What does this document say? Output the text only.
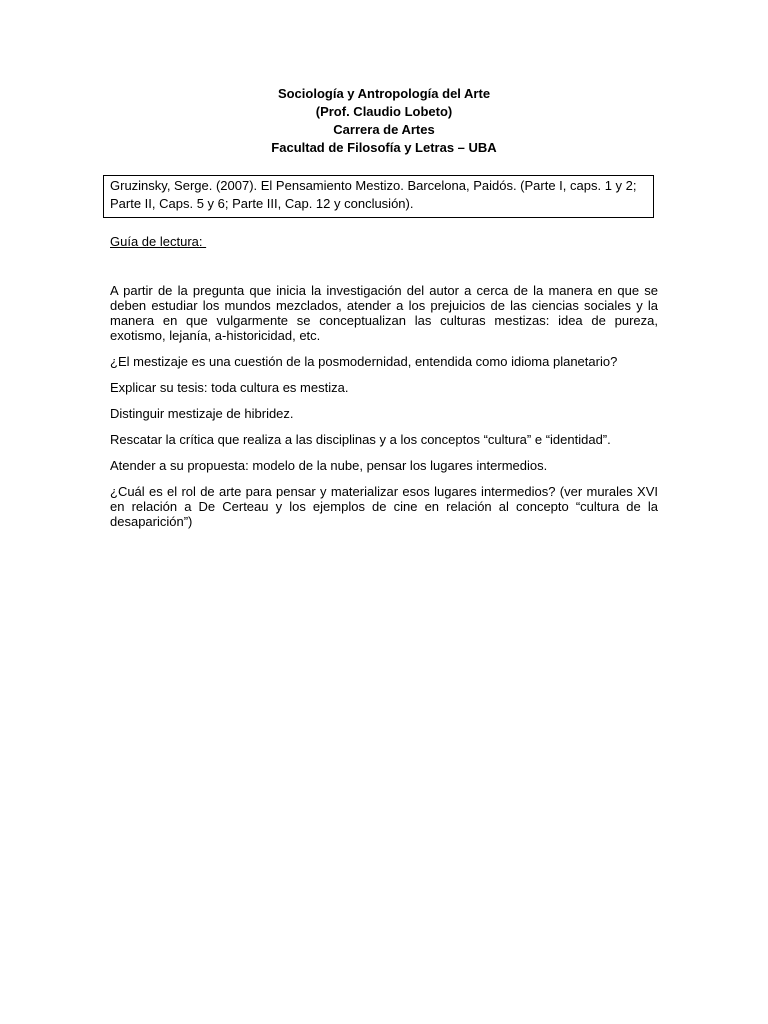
Sociología y Antropología del Arte
(Prof. Claudio Lobeto)
Carrera de Artes
Facultad de Filosofía y Letras – UBA
Gruzinsky, Serge. (2007). El Pensamiento Mestizo. Barcelona, Paidós. (Parte I, caps. 1 y 2; Parte II, Caps. 5 y 6; Parte III, Cap. 12 y conclusión).
Guía de lectura:

A partir de la pregunta que inicia la investigación del autor a cerca de la manera en que se deben estudiar los mundos mezclados, atender a los prejuicios de las ciencias sociales y la manera en que vulgarmente se conceptualizan las culturas mestizas: idea de pureza, exotismo, lejanía, a-historicidad, etc.

¿El mestizaje es una cuestión de la posmodernidad, entendida como idioma planetario?

Explicar su tesis: toda cultura es mestiza.

Distinguir mestizaje de hibridez.

Rescatar la crítica que realiza a las disciplinas y a los conceptos “cultura” e “identidad”.

Atender a su propuesta: modelo de la nube, pensar los lugares intermedios.

¿Cuál es el rol de arte para pensar y materializar esos lugares intermedios? (ver murales XVI en relación a De Certeau y los ejemplos de cine en relación al concepto “cultura de la desaparición”)
